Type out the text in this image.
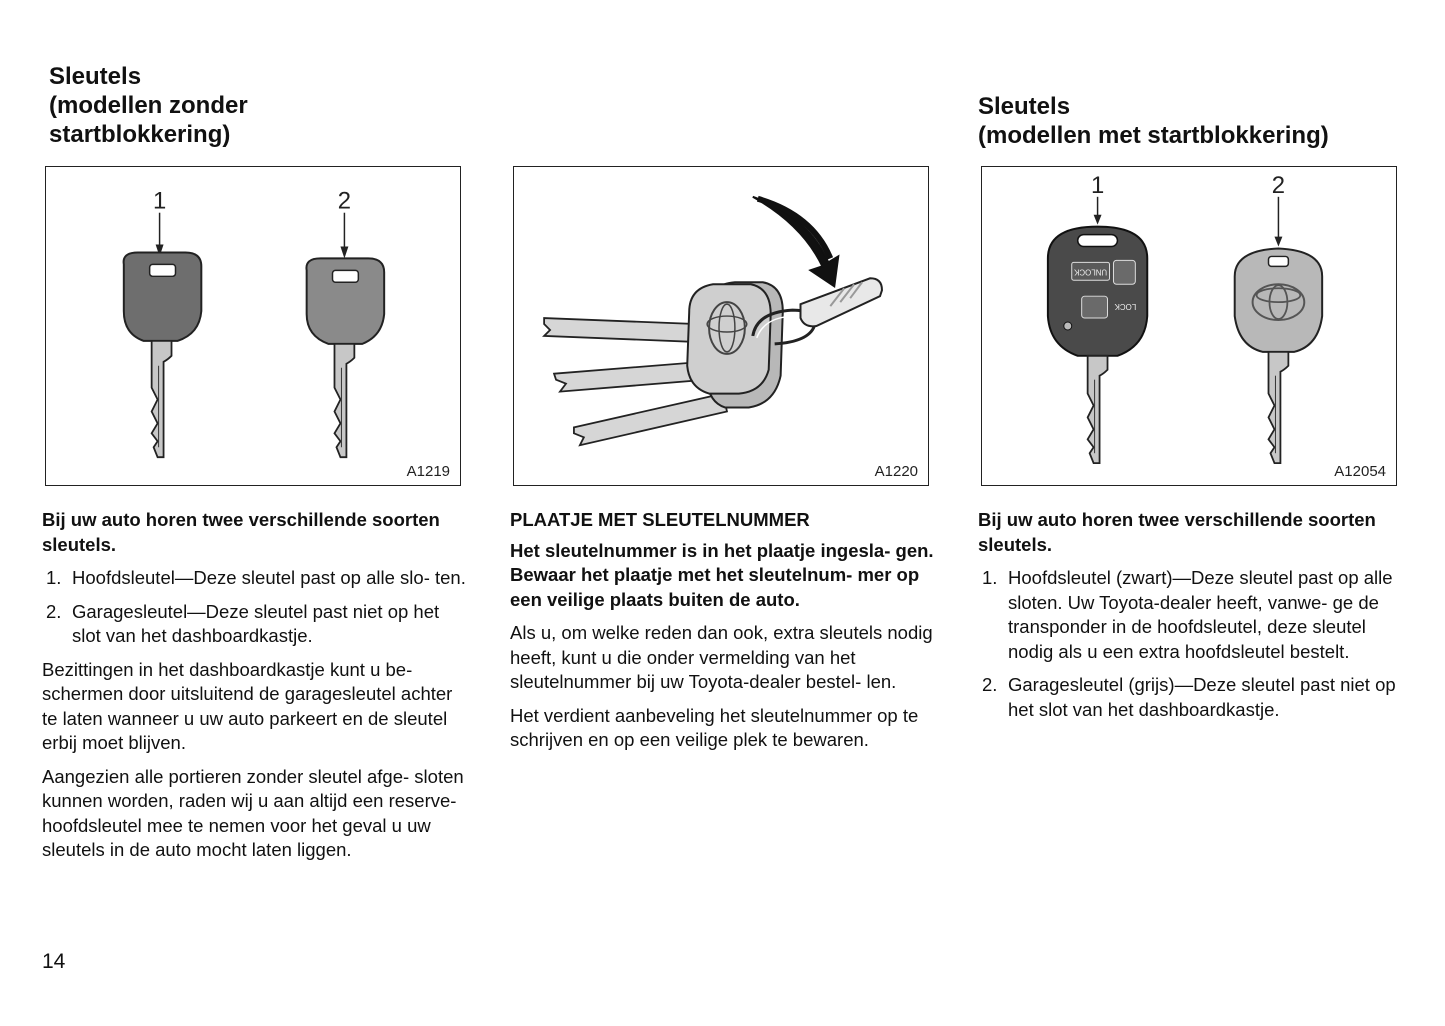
Sleutels
(modellen zonder
startblokkering)
Sleutels
(modellen met startblokkering)
1	2
A1219	A1220
1	2
UNLOCK
LOCK
A12054

Bij uw auto horen twee verschillende soorten sleutels.

1. Hoofdsleutel—Deze sleutel past op alle slo- ten.
2. Garagesleutel—Deze sleutel past niet op het slot van het dashboardkastje.

Bezittingen in het dashboardkastje kunt u be- schermen door uitsluitend de garagesleutel achter te laten wanneer u uw auto parkeert en de sleutel erbij moet blijven.

Aangezien alle portieren zonder sleutel afge- sloten kunnen worden, raden wij u aan altijd een reserve-hoofdsleutel mee te nemen voor het geval u uw sleutels in de auto mocht laten liggen.

PLAATJE MET SLEUTELNUMMER

Het sleutelnummer is in het plaatje ingesla- gen. Bewaar het plaatje met het sleutelnum- mer op een veilige plaats buiten de auto.

Als u, om welke reden dan ook, extra sleutels nodig heeft, kunt u die onder vermelding van het sleutelnummer bij uw Toyota-dealer bestel- len.

Het verdient aanbeveling het sleutelnummer op te schrijven en op een veilige plek te bewaren.

Bij uw auto horen twee verschillende soorten sleutels.

1. Hoofdsleutel (zwart)—Deze sleutel past op alle sloten. Uw Toyota-dealer heeft, vanwe- ge de transponder in de hoofdsleutel, deze sleutel nodig als u een extra hoofdsleutel bestelt.
2. Garagesleutel (grijs)—Deze sleutel past niet op het slot van het dashboardkastje.
14
